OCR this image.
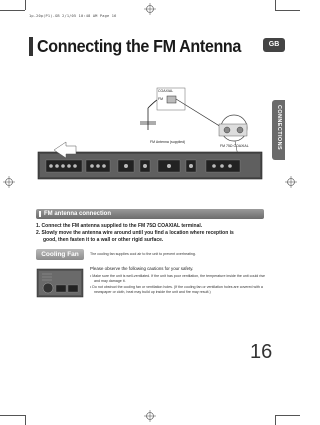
1p-20p(P1)-GB 2/1/05 10:48 AM Page 16
Connecting the FM Antenna	GB
CONNECTIONS
COAXIAL
FM
FM 75Ω COAXIAL
FM Antenna (supplied)
FM antenna connection
1. Connect the FM antenna supplied to the FM 75Ω COAXIAL terminal.
2. Slowly move the antenna wire around until you find a location where reception is
good, then fasten it to a wall or other rigid surface.
Cooling Fan	The cooling fan supplies cool air to the unit to prevent overheating.
Please observe the following cautions for your safety.
• Make sure the unit is well-ventilated. If the unit has poor ventilation, the temperature inside the unit could rise
and may damage it.
• Do not obstruct the cooling fan or ventilation holes. (If the cooling fan or ventilation holes are covered with a
newspaper or cloth, heat may build up inside the unit and fire may result.)
16
